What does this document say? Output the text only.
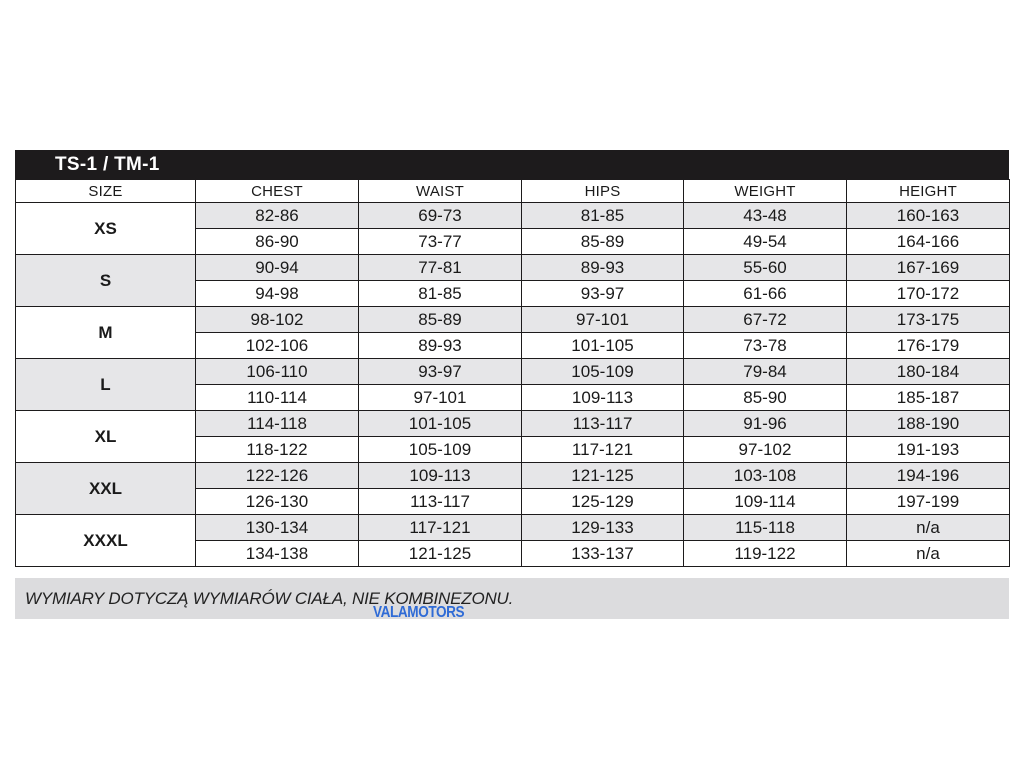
TS-1 / TM-1
SIZE	CHEST	WAIST	HIPS	WEIGHT	HEIGHT
XS	82-86	69-73	81-85	43-48	160-163
	86-90	73-77	85-89	49-54	164-166
S	90-94	77-81	89-93	55-60	167-169
	94-98	81-85	93-97	61-66	170-172
M	98-102	85-89	97-101	67-72	173-175
	102-106	89-93	101-105	73-78	176-179
L	106-110	93-97	105-109	79-84	180-184
	110-114	97-101	109-113	85-90	185-187
XL	114-118	101-105	113-117	91-96	188-190
	118-122	105-109	117-121	97-102	191-193
XXL	122-126	109-113	121-125	103-108	194-196
	126-130	113-117	125-129	109-114	197-199
XXXL	130-134	117-121	129-133	115-118	n/a
	134-138	121-125	133-137	119-122	n/a
WYMIARY DOTYCZĄ WYMIARÓW CIAŁA, NIE KOMBINEZONU.
VALAMOTORS
